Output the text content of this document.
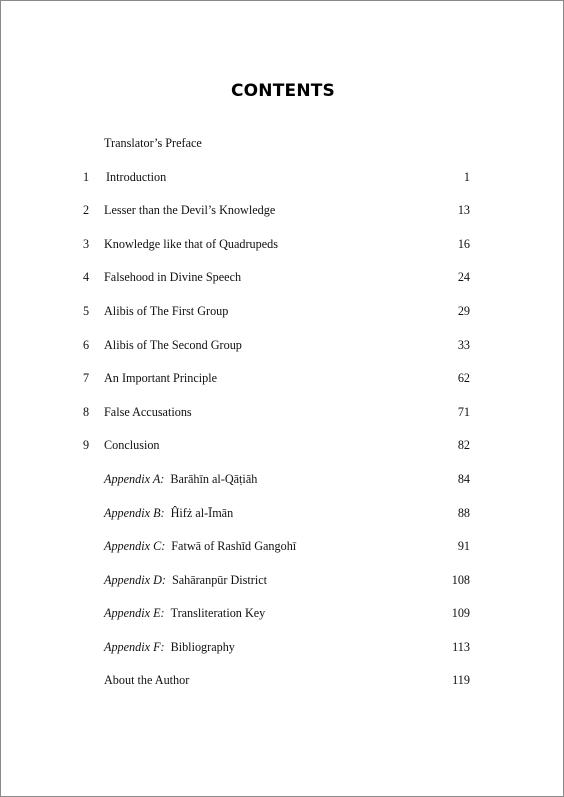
CONTENTS
Translator’s Preface
1 Introduction	1
2 Lesser than the Devil’s Knowledge	13
3 Knowledge like that of Quadrupeds	16
4 Falsehood in Divine Speech	24
5 Alibis of The First Group	29
6 Alibis of The Second Group	33
7 An Important Principle	62
8 False Accusations	71
9 Conclusion	82
Appendix A: Barāhīn al-Qāṭiāh	84
Appendix B: Ĥifż al-Īmān	88
Appendix C: Fatwā of Rashīd Gangohī	91
Appendix D: Sahāranpūr District	108
Appendix E: Transliteration Key	109
Appendix F: Bibliography	113
About the Author	119
